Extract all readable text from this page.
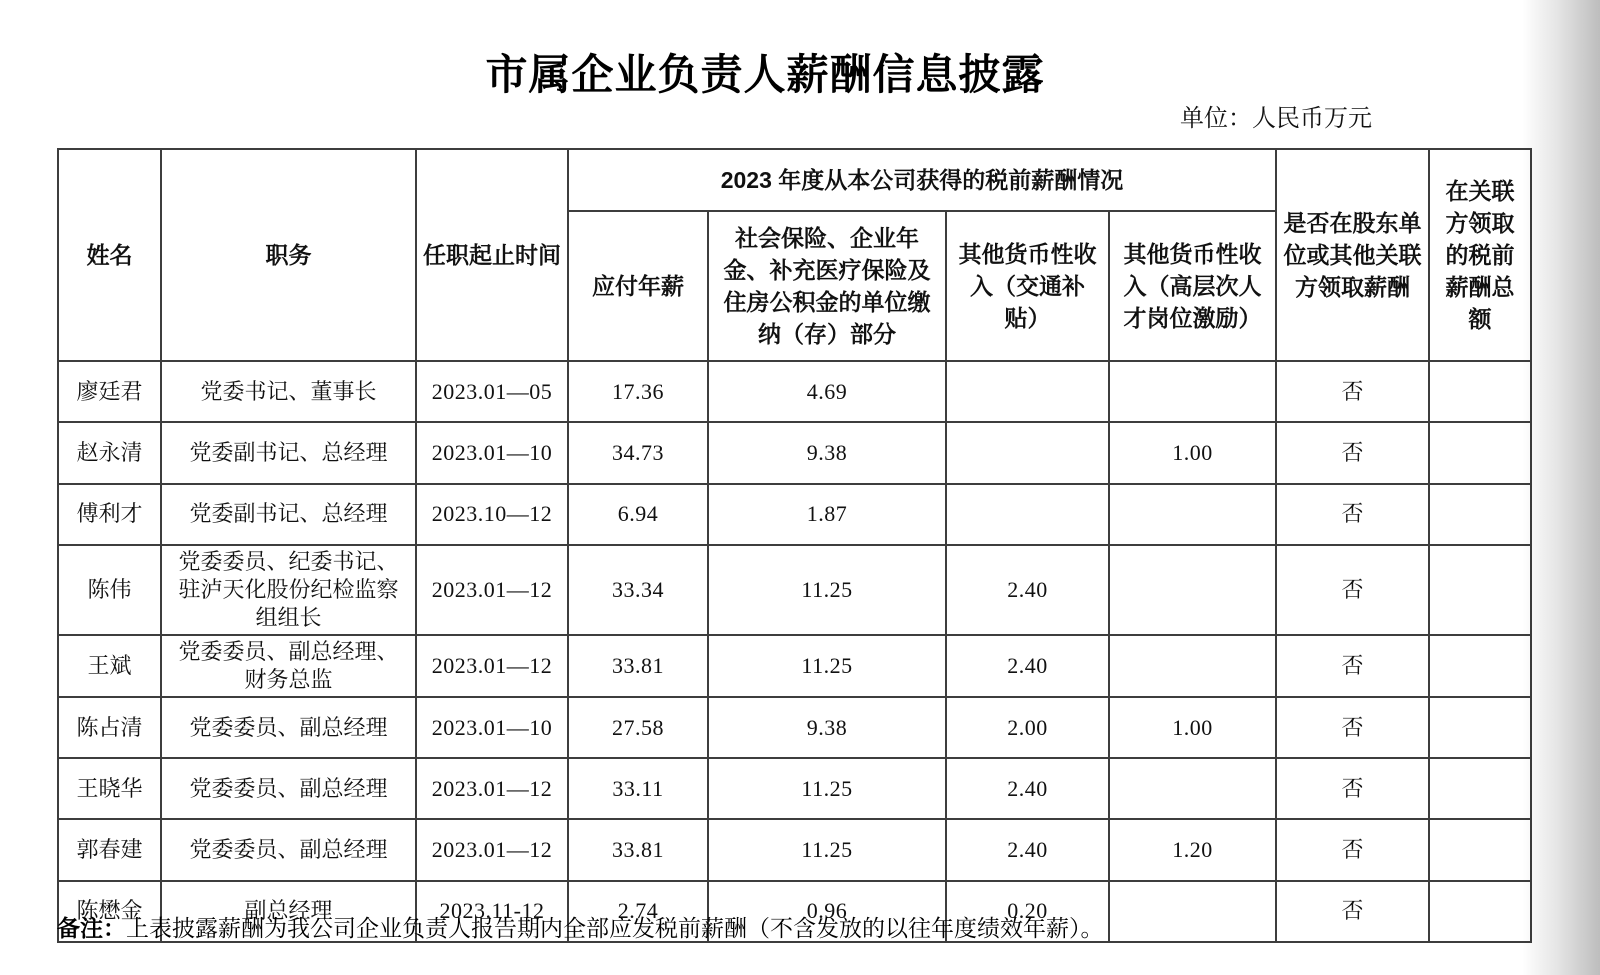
市属企业负责人薪酬信息披露
单位：人民币万元
姓名	职务	任职起止时间	2023 年度从本公司获得的税前薪酬情况				是否在股东单位或其他关联方领取薪酬	在关联方领取的税前薪酬总额
			应付年薪	社会保险、企业年金、补充医疗保险及住房公积金的单位缴纳（存）部分	其他货币性收入（交通补贴）	其他货币性收入（高层次人才岗位激励）		
廖廷君	党委书记、董事长	2023.01—05	17.36	4.69			否	
赵永清	党委副书记、总经理	2023.01—10	34.73	9.38		1.00	否	
傅利才	党委副书记、总经理	2023.10—12	6.94	1.87			否	
陈伟	党委委员、纪委书记、驻泸天化股份纪检监察组组长	2023.01—12	33.34	11.25	2.40		否	
王斌	党委委员、副总经理、财务总监	2023.01—12	33.81	11.25	2.40		否	
陈占清	党委委员、副总经理	2023.01—10	27.58	9.38	2.00	1.00	否	
王晓华	党委委员、副总经理	2023.01—12	33.11	11.25	2.40		否	
郭春建	党委委员、副总经理	2023.01—12	33.81	11.25	2.40	1.20	否	
陈懋金	副总经理	2023.11-12	2.74	0.96	0.20		否	
备注：上表披露薪酬为我公司企业负责人报告期内全部应发税前薪酬（不含发放的以往年度绩效年薪）。
